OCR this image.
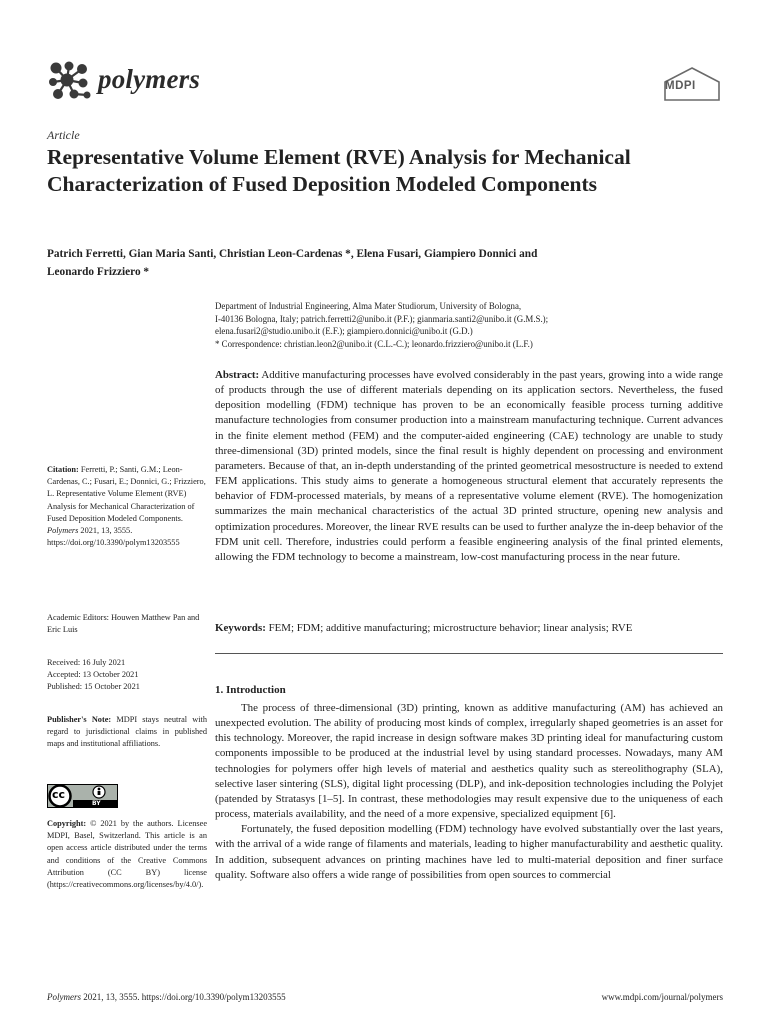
polymers	MDPI
Article
Representative Volume Element (RVE) Analysis for Mechanical Characterization of Fused Deposition Modeled Components
Patrich Ferretti, Gian Maria Santi, Christian Leon-Cardenas *, Elena Fusari, Giampiero Donnici and
Leonardo Frizziero *
Department of Industrial Engineering, Alma Mater Studiorum, University of Bologna,
I-40136 Bologna, Italy; patrich.ferretti2@unibo.it (P.F.); gianmaria.santi2@unibo.it (G.M.S.);
elena.fusari2@studio.unibo.it (E.F.); giampiero.donnici@unibo.it (G.D.)
* Correspondence: christian.leon2@unibo.it (C.L.-C.); leonardo.frizziero@unibo.it (L.F.)
Abstract: Additive manufacturing processes have evolved considerably in the past years, growing into a wide range of products through the use of different materials depending on its application sectors. Nevertheless, the fused deposition modelling (FDM) technique has proven to be an economically feasible process turning additive manufacture technologies from consumer production into a mainstream manufacturing technique. Current advances in the finite element method (FEM) and the computer-aided engineering (CAE) technology are unable to study three-dimensional (3D) printed models, since the final result is highly dependent on processing and environment parameters. Because of that, an in-depth understanding of the printed geometrical mesostructure is needed to extend FEM applications. This study aims to generate a homogeneous structural element that accurately represents the behavior of FDM-processed materials, by means of a representative volume element (RVE). The homogenization summarizes the main mechanical characteristics of the actual 3D printed structure, opening new analysis and optimization procedures. Moreover, the linear RVE results can be used to further analyze the in-deep behavior of the FDM unit cell. Therefore, industries could perform a feasible engineering analysis of the final printed elements, allowing the FDM technology to become a mainstream, low-cost manufacturing process in the near future.
Keywords: FEM; FDM; additive manufacturing; microstructure behavior; linear analysis; RVE
Citation: Ferretti, P.; Santi, G.M.; Leon-Cardenas, C.; Fusari, E.; Donnici, G.; Frizziero, L. Representative Volume Element (RVE) Analysis for Mechanical Characterization of Fused Deposition Modeled Components. Polymers 2021, 13, 3555. https://doi.org/10.3390/polym13203555
Academic Editors: Houwen Matthew Pan and Eric Luis
Received: 16 July 2021
Accepted: 13 October 2021
Published: 15 October 2021
Publisher's Note: MDPI stays neutral with regard to jurisdictional claims in published maps and institutional affiliations.
cc
BY
Copyright: © 2021 by the authors. Licensee MDPI, Basel, Switzerland. This article is an open access article distributed under the terms and conditions of the Creative Commons Attribution (CC BY) license (https://creativecommons.org/licenses/by/4.0/).
1. Introduction

The process of three-dimensional (3D) printing, known as additive manufacturing (AM) has achieved an unexpected evolution. The ability of producing most kinds of complex, irregularly shaped geometries is an asset for this technology. Moreover, the rapid increase in design software makes 3D printing ideal for manufacturing custom components impossible to be produced at the industrial level by using standard processes. Nowadays, many AM technologies for polymers offer high levels of material and aesthetics quality such as stereolithography (SLA), selective laser sintering (SLS), digital light processing (DLP), and ink-deposition technologies including the Polyjet (patended by Stratasys [1–5]. In contrast, these methodologies may result expensive due to the uniqueness of each process, materials availability, and the need of a more expensive, specialized equipment [6].

Fortunately, the fused deposition modelling (FDM) technology have evolved substantially over the last years, with the arrival of a wide range of filaments and materials, leading to higher manufacturability and aesthetic quality. In addition, subsequent advances on printing machines have led to multi-material deposition and finer surface quality. Software also offers a wide range of possibilities from open sources to commercial

Polymers 2021, 13, 3555. https://doi.org/10.3390/polym13203555	www.mdpi.com/journal/polymers
